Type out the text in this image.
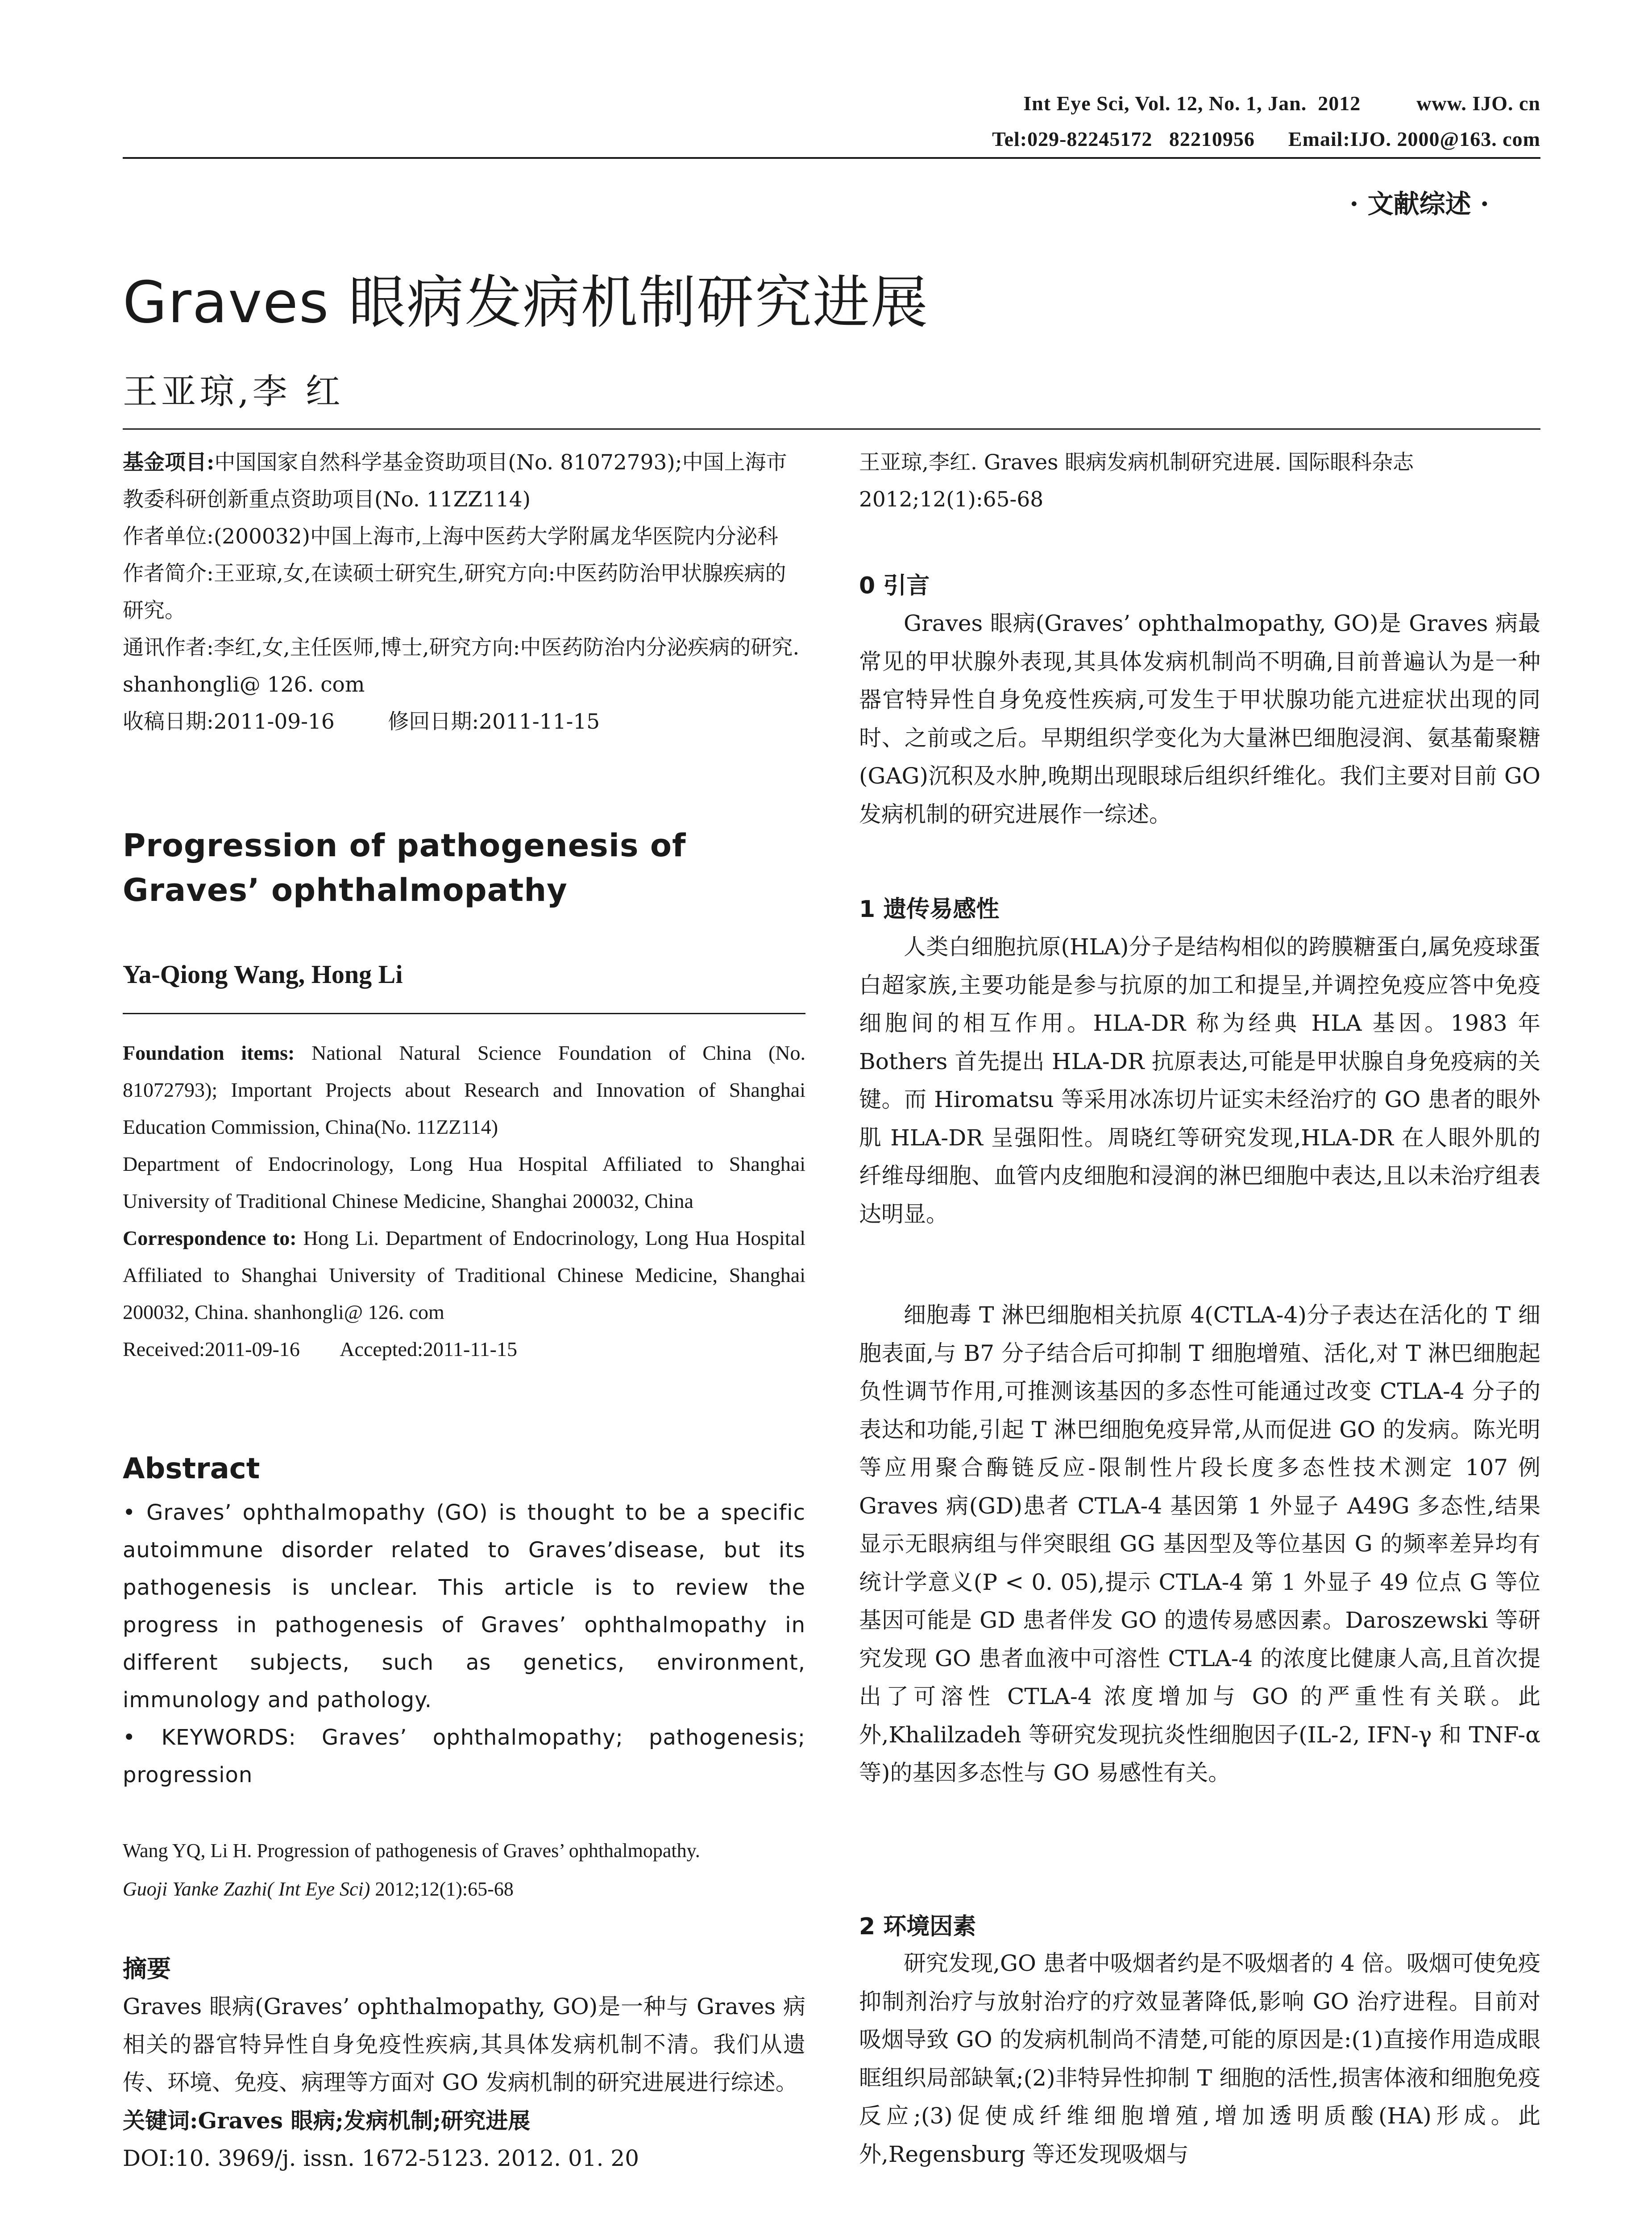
Int Eye Sci, Vol. 12, No. 1, Jan.  2012          www. IJO. cn
Tel:029-82245172   82210956      Email:IJO. 2000@163. com
· 文献综述 ·
Graves 眼病发病机制研究进展
王亚琼,李 红
基金项目:中国国家自然科学基金资助项目(No. 81072793);中国上海市教委科研创新重点资助项目(No. 11ZZ114)
作者单位:(200032)中国上海市,上海中医药大学附属龙华医院内分泌科
作者简介:王亚琼,女,在读硕士研究生,研究方向:中医药防治甲状腺疾病的研究。
通讯作者:李红,女,主任医师,博士,研究方向:中医药防治内分泌疾病的研究. shanhongli@ 126. com
收稿日期:2011-09-16        修回日期:2011-11-15
Progression of pathogenesis of Graves’ ophthalmopathy
Ya-Qiong Wang, Hong Li
Foundation items: National Natural Science Foundation of China (No. 81072793); Important Projects about Research and Innovation of Shanghai Education Commission, China(No. 11ZZ114)
Department of Endocrinology, Long Hua Hospital Affiliated to Shanghai University of Traditional Chinese Medicine, Shanghai 200032, China
Correspondence to: Hong Li. Department of Endocrinology, Long Hua Hospital Affiliated to Shanghai University of Traditional Chinese Medicine, Shanghai 200032, China. shanhongli@ 126. com
Received:2011-09-16        Accepted:2011-11-15
Abstract
• Graves’ ophthalmopathy (GO) is thought to be a specific autoimmune disorder related to Graves’disease, but its pathogenesis is unclear. This article is to review the progress in pathogenesis of Graves’ ophthalmopathy in different subjects, such as genetics, environment, immunology and pathology.
• KEYWORDS: Graves’ ophthalmopathy; pathogenesis; progression
Wang YQ, Li H. Progression of pathogenesis of Graves’ ophthalmopathy.
Guoji Yanke Zazhi( Int Eye Sci) 2012;12(1):65-68
摘要
Graves 眼病(Graves’ ophthalmopathy, GO)是一种与 Graves 病相关的器官特异性自身免疫性疾病,其具体发病机制不清。我们从遗传、环境、免疫、病理等方面对 GO 发病机制的研究进展进行综述。
关键词:Graves 眼病;发病机制;研究进展
DOI:10. 3969/j. issn. 1672-5123. 2012. 01. 20
王亚琼,李红. Graves 眼病发病机制研究进展. 国际眼科杂志 2012;12(1):65-68
0 引言
Graves 眼病(Graves’ ophthalmopathy, GO)是 Graves 病最常见的甲状腺外表现,其具体发病机制尚不明确,目前普遍认为是一种器官特异性自身免疫性疾病,可发生于甲状腺功能亢进症状出现的同时、之前或之后。早期组织学变化为大量淋巴细胞浸润、氨基葡聚糖(GAG)沉积及水肿,晚期出现眼球后组织纤维化。我们主要对目前 GO 发病机制的研究进展作一综述。
1 遗传易感性
人类白细胞抗原(HLA)分子是结构相似的跨膜糖蛋白,属免疫球蛋白超家族,主要功能是参与抗原的加工和提呈,并调控免疫应答中免疫细胞间的相互作用。HLA-DR 称为经典 HLA 基因。1983 年 Bothers 首先提出 HLA-DR 抗原表达,可能是甲状腺自身免疫病的关键。而 Hiromatsu 等采用冰冻切片证实未经治疗的 GO 患者的眼外肌 HLA-DR 呈强阳性。周晓红等研究发现,HLA-DR 在人眼外肌的纤维母细胞、血管内皮细胞和浸润的淋巴细胞中表达,且以未治疗组表达明显。
细胞毒 T 淋巴细胞相关抗原 4(CTLA-4)分子表达在活化的 T 细胞表面,与 B7 分子结合后可抑制 T 细胞增殖、活化,对 T 淋巴细胞起负性调节作用,可推测该基因的多态性可能通过改变 CTLA-4 分子的表达和功能,引起 T 淋巴细胞免疫异常,从而促进 GO 的发病。陈光明等应用聚合酶链反应-限制性片段长度多态性技术测定 107 例 Graves 病(GD)患者 CTLA-4 基因第 1 外显子 A49G 多态性,结果显示无眼病组与伴突眼组 GG 基因型及等位基因 G 的频率差异均有统计学意义(P < 0. 05),提示 CTLA-4 第 1 外显子 49 位点 G 等位基因可能是 GD 患者伴发 GO 的遗传易感因素。Daroszewski 等研究发现 GO 患者血液中可溶性 CTLA-4 的浓度比健康人高,且首次提出了可溶性 CTLA-4 浓度增加与 GO 的严重性有关联。此外,Khalilzadeh 等研究发现抗炎性细胞因子(IL-2, IFN-γ 和 TNF-α 等)的基因多态性与 GO 易感性有关。
2 环境因素
研究发现,GO 患者中吸烟者约是不吸烟者的 4 倍。吸烟可使免疫抑制剂治疗与放射治疗的疗效显著降低,影响 GO 治疗进程。目前对吸烟导致 GO 的发病机制尚不清楚,可能的原因是:(1)直接作用造成眼眶组织局部缺氧;(2)非特异性抑制 T 细胞的活性,损害体液和细胞免疫反应;(3)促使成纤维细胞增殖,增加透明质酸(HA)形成。此外,Regensburg 等还发现吸烟与
